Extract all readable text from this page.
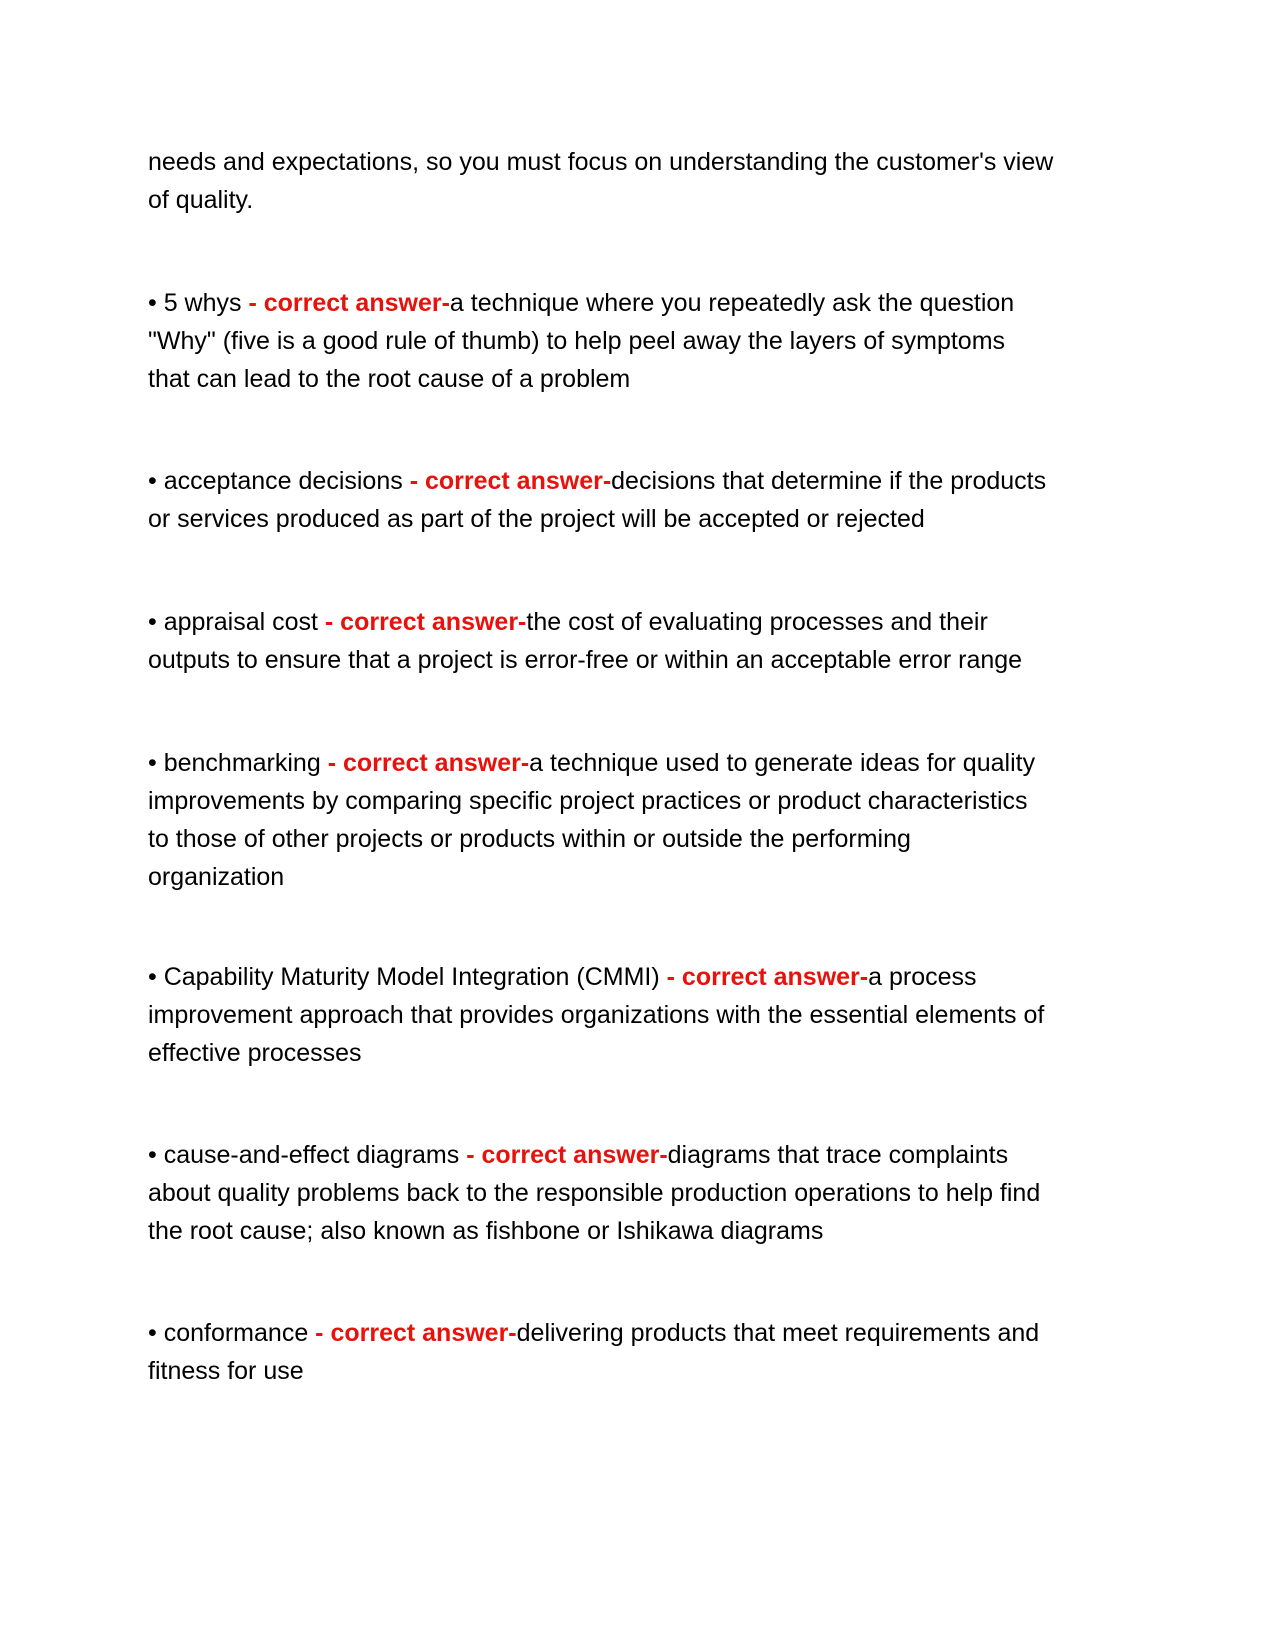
needs and expectations, so you must focus on understanding the customer's view
of quality.
• 5 whys - correct answer-a technique where you repeatedly ask the question
"Why" (five is a good rule of thumb) to help peel away the layers of symptoms
that can lead to the root cause of a problem
• acceptance decisions - correct answer-decisions that determine if the products
or services produced as part of the project will be accepted or rejected
• appraisal cost - correct answer-the cost of evaluating processes and their
outputs to ensure that a project is error-free or within an acceptable error range
• benchmarking - correct answer-a technique used to generate ideas for quality
improvements by comparing specific project practices or product characteristics
to those of other projects or products within or outside the performing
organization
• Capability Maturity Model Integration (CMMI) - correct answer-a process
improvement approach that provides organizations with the essential elements of
effective processes
• cause-and-effect diagrams - correct answer-diagrams that trace complaints
about quality problems back to the responsible production operations to help find
the root cause; also known as fishbone or Ishikawa diagrams
• conformance - correct answer-delivering products that meet requirements and
fitness for use
